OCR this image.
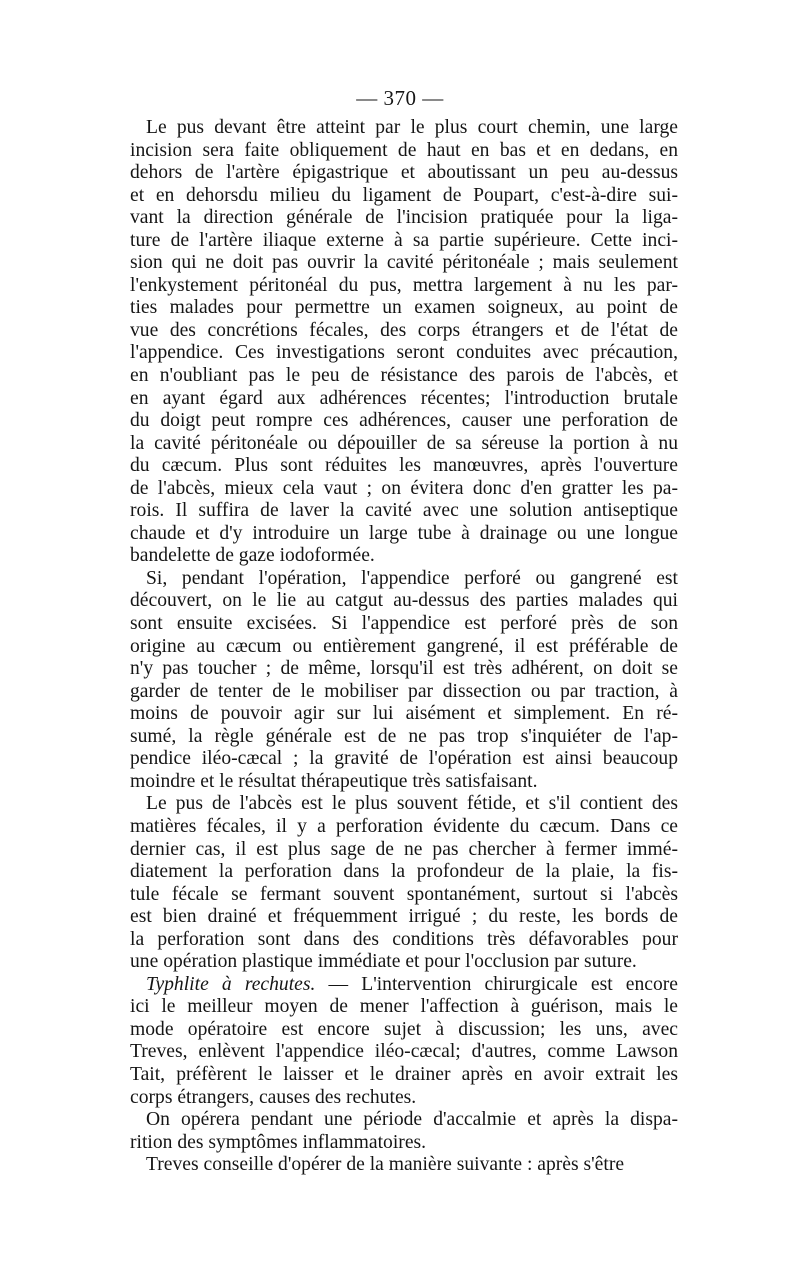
— 370 —
Le pus devant être atteint par le plus court chemin, une large
incision sera faite obliquement de haut en bas et en dedans, en
dehors de l'artère épigastrique et aboutissant un peu au-dessus
et en dehorsdu milieu du ligament de Poupart, c'est-à-dire sui-
vant la direction générale de l'incision pratiquée pour la liga-
ture de l'artère iliaque externe à sa partie supérieure. Cette inci-
sion qui ne doit pas ouvrir la cavité péritonéale ; mais seulement
l'enkystement péritonéal du pus, mettra largement à nu les par-
ties malades pour permettre un examen soigneux, au point de
vue des concrétions fécales, des corps étrangers et de l'état de
l'appendice. Ces investigations seront conduites avec précaution,
en n'oubliant pas le peu de résistance des parois de l'abcès, et
en ayant égard aux adhérences récentes; l'introduction brutale
du doigt peut rompre ces adhérences, causer une perforation de
la cavité péritonéale ou dépouiller de sa séreuse la portion à nu
du cæcum. Plus sont réduites les manœuvres, après l'ouverture
de l'abcès, mieux cela vaut ; on évitera donc d'en gratter les pa-
rois. Il suffira de laver la cavité avec une solution antiseptique
chaude et d'y introduire un large tube à drainage ou une longue
bandelette de gaze iodoformée.
Si, pendant l'opération, l'appendice perforé ou gangrené est
découvert, on le lie au catgut au-dessus des parties malades qui
sont ensuite excisées. Si l'appendice est perforé près de son
origine au cæcum ou entièrement gangrené, il est préférable de
n'y pas toucher ; de même, lorsqu'il est très adhérent, on doit se
garder de tenter de le mobiliser par dissection ou par traction, à
moins de pouvoir agir sur lui aisément et simplement. En ré-
sumé, la règle générale est de ne pas trop s'inquiéter de l'ap-
pendice iléo-cæcal ; la gravité de l'opération est ainsi beaucoup
moindre et le résultat thérapeutique très satisfaisant.
Le pus de l'abcès est le plus souvent fétide, et s'il contient des
matières fécales, il y a perforation évidente du cæcum. Dans ce
dernier cas, il est plus sage de ne pas chercher à fermer immé-
diatement la perforation dans la profondeur de la plaie, la fis-
tule fécale se fermant souvent spontanément, surtout si l'abcès
est bien drainé et fréquemment irrigué ; du reste, les bords de
la perforation sont dans des conditions très défavorables pour
une opération plastique immédiate et pour l'occlusion par suture.
Typhlite à rechutes. — L'intervention chirurgicale est encore
ici le meilleur moyen de mener l'affection à guérison, mais le
mode opératoire est encore sujet à discussion; les uns, avec
Treves, enlèvent l'appendice iléo-cæcal; d'autres, comme Lawson
Tait, préfèrent le laisser et le drainer après en avoir extrait les
corps étrangers, causes des rechutes.
On opérera pendant une période d'accalmie et après la dispa-
rition des symptômes inflammatoires.
Treves conseille d'opérer de la manière suivante : après s'être
